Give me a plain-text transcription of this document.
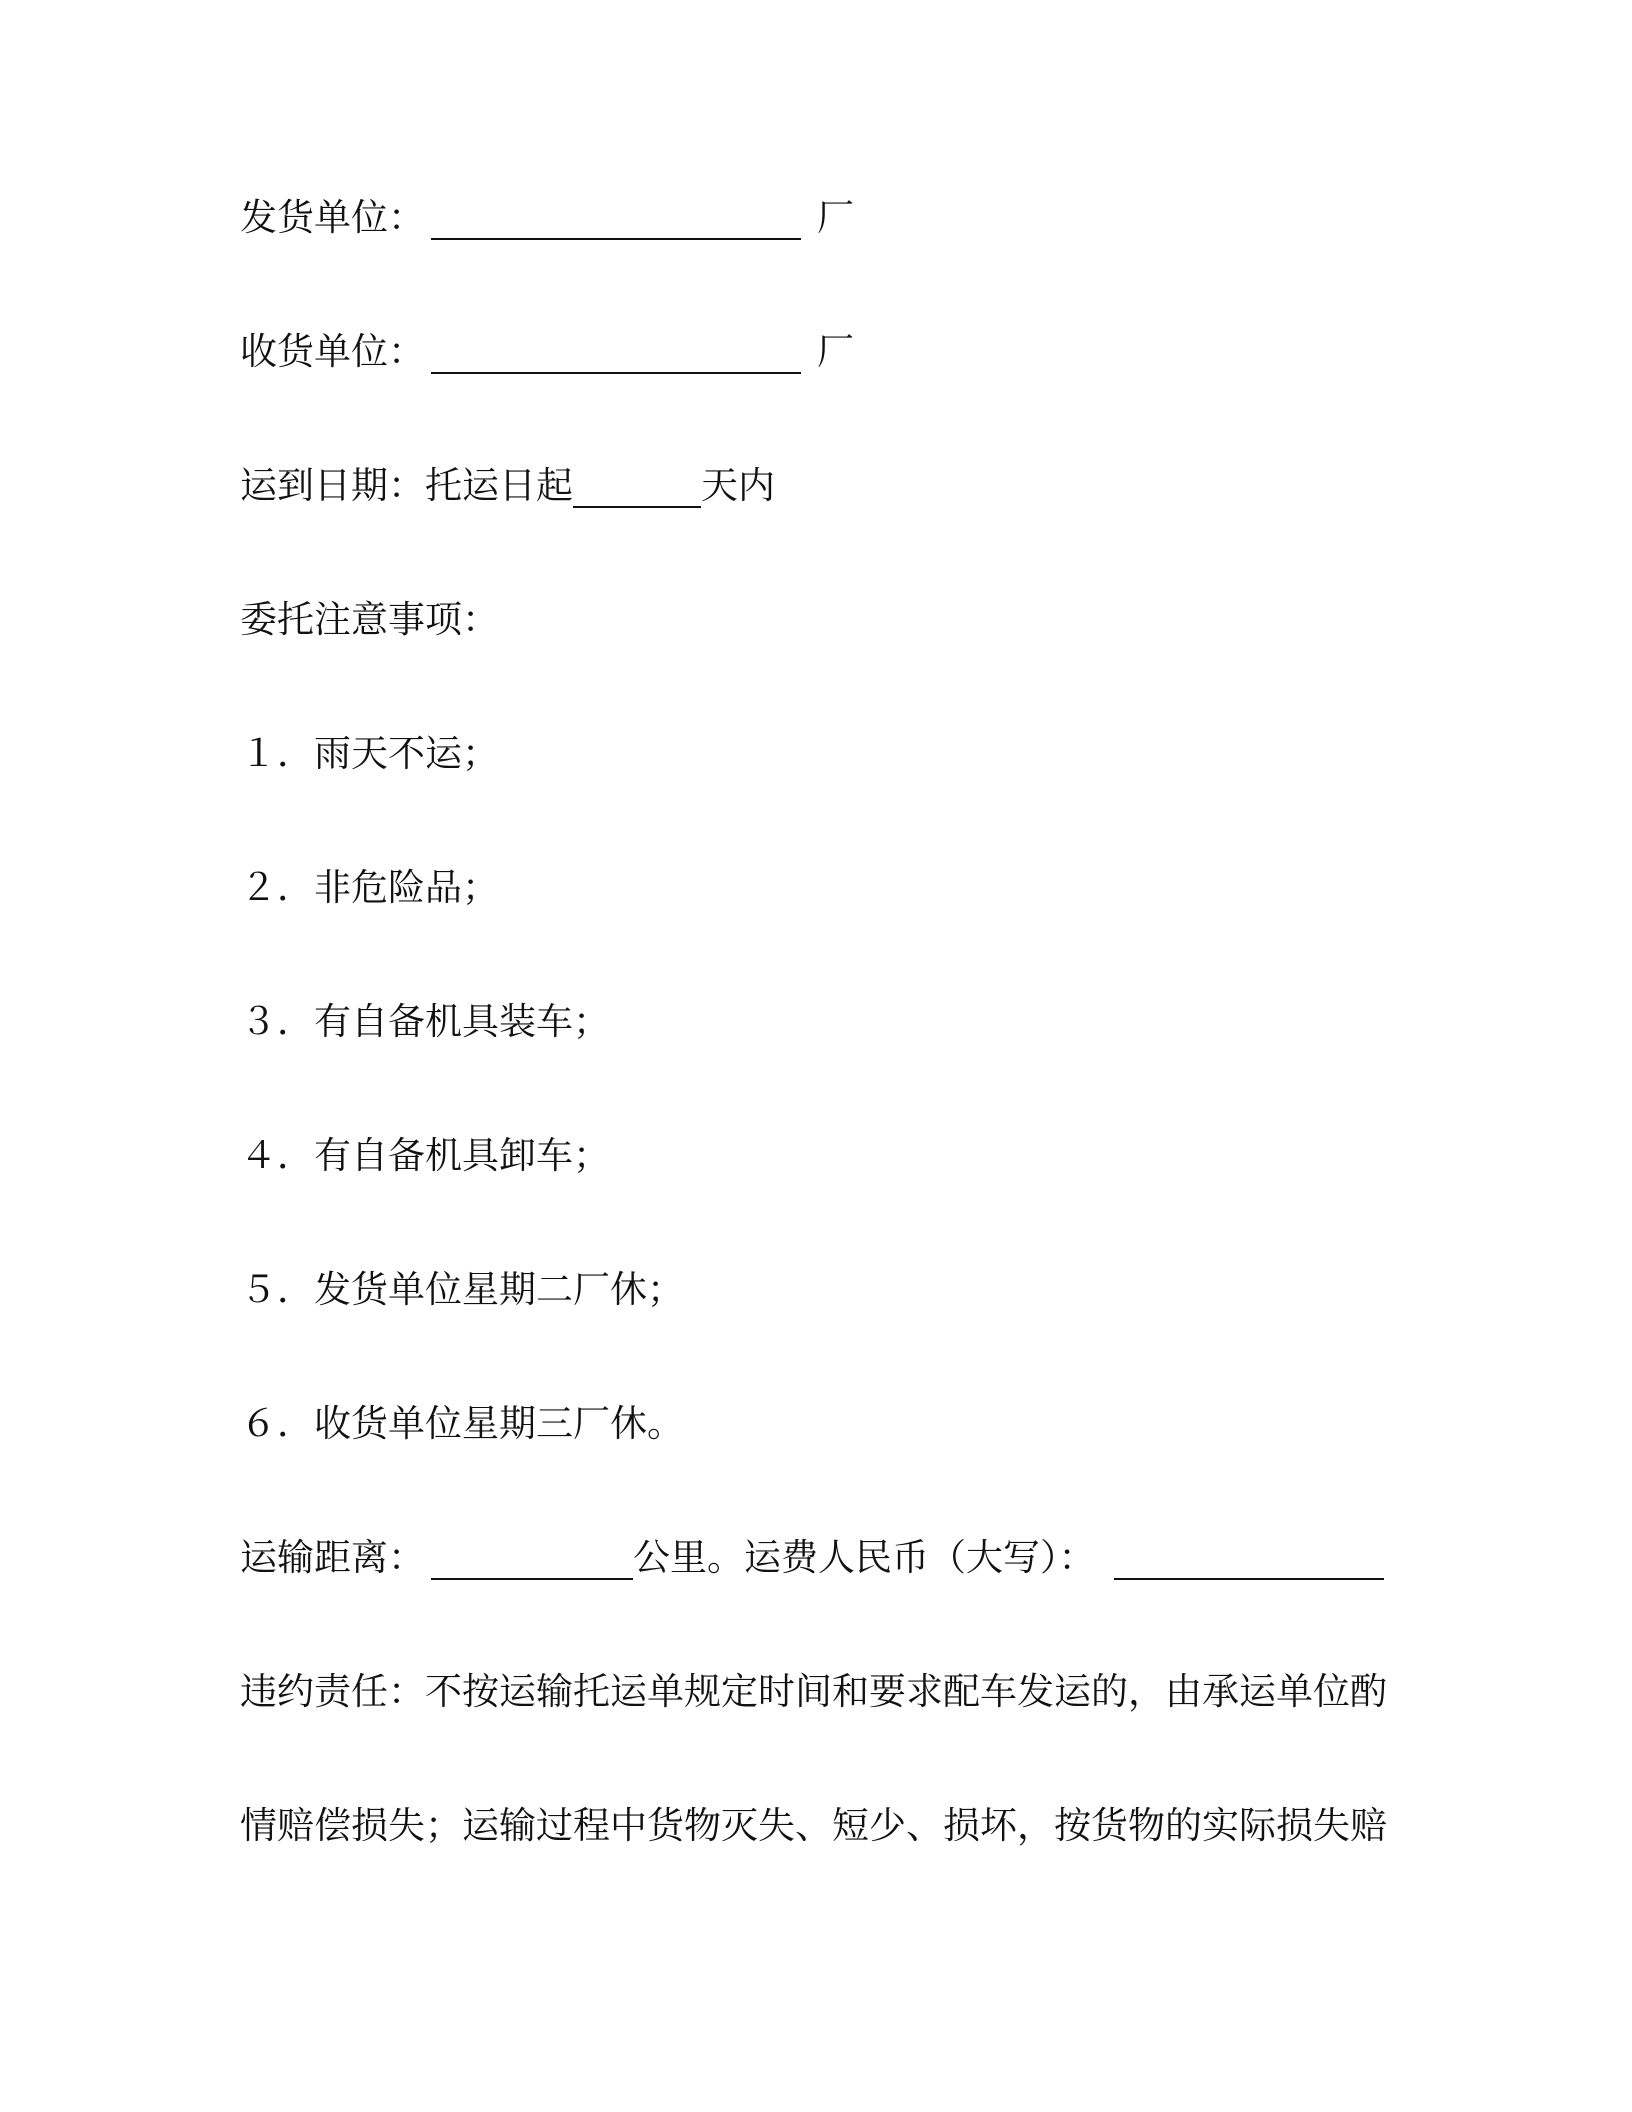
发货单位：	厂
收货单位：	厂
运到日期： 托运日起	天内
委托注意事项：
１． 雨天不运；
２． 非危险品；
３． 有自备机具装车；
４． 有自备机具卸车；
５． 发货单位星期二厂休；
６． 收货单位星期三厂休。
运输距离：	公里。 运费人民币（大写）：
违约责任：不按运输托运单规定时间和要求配车发运的，由承运单位酌
情赔偿损失；运输过程中货物灭失、短少、损坏，按货物的实际损失赔
